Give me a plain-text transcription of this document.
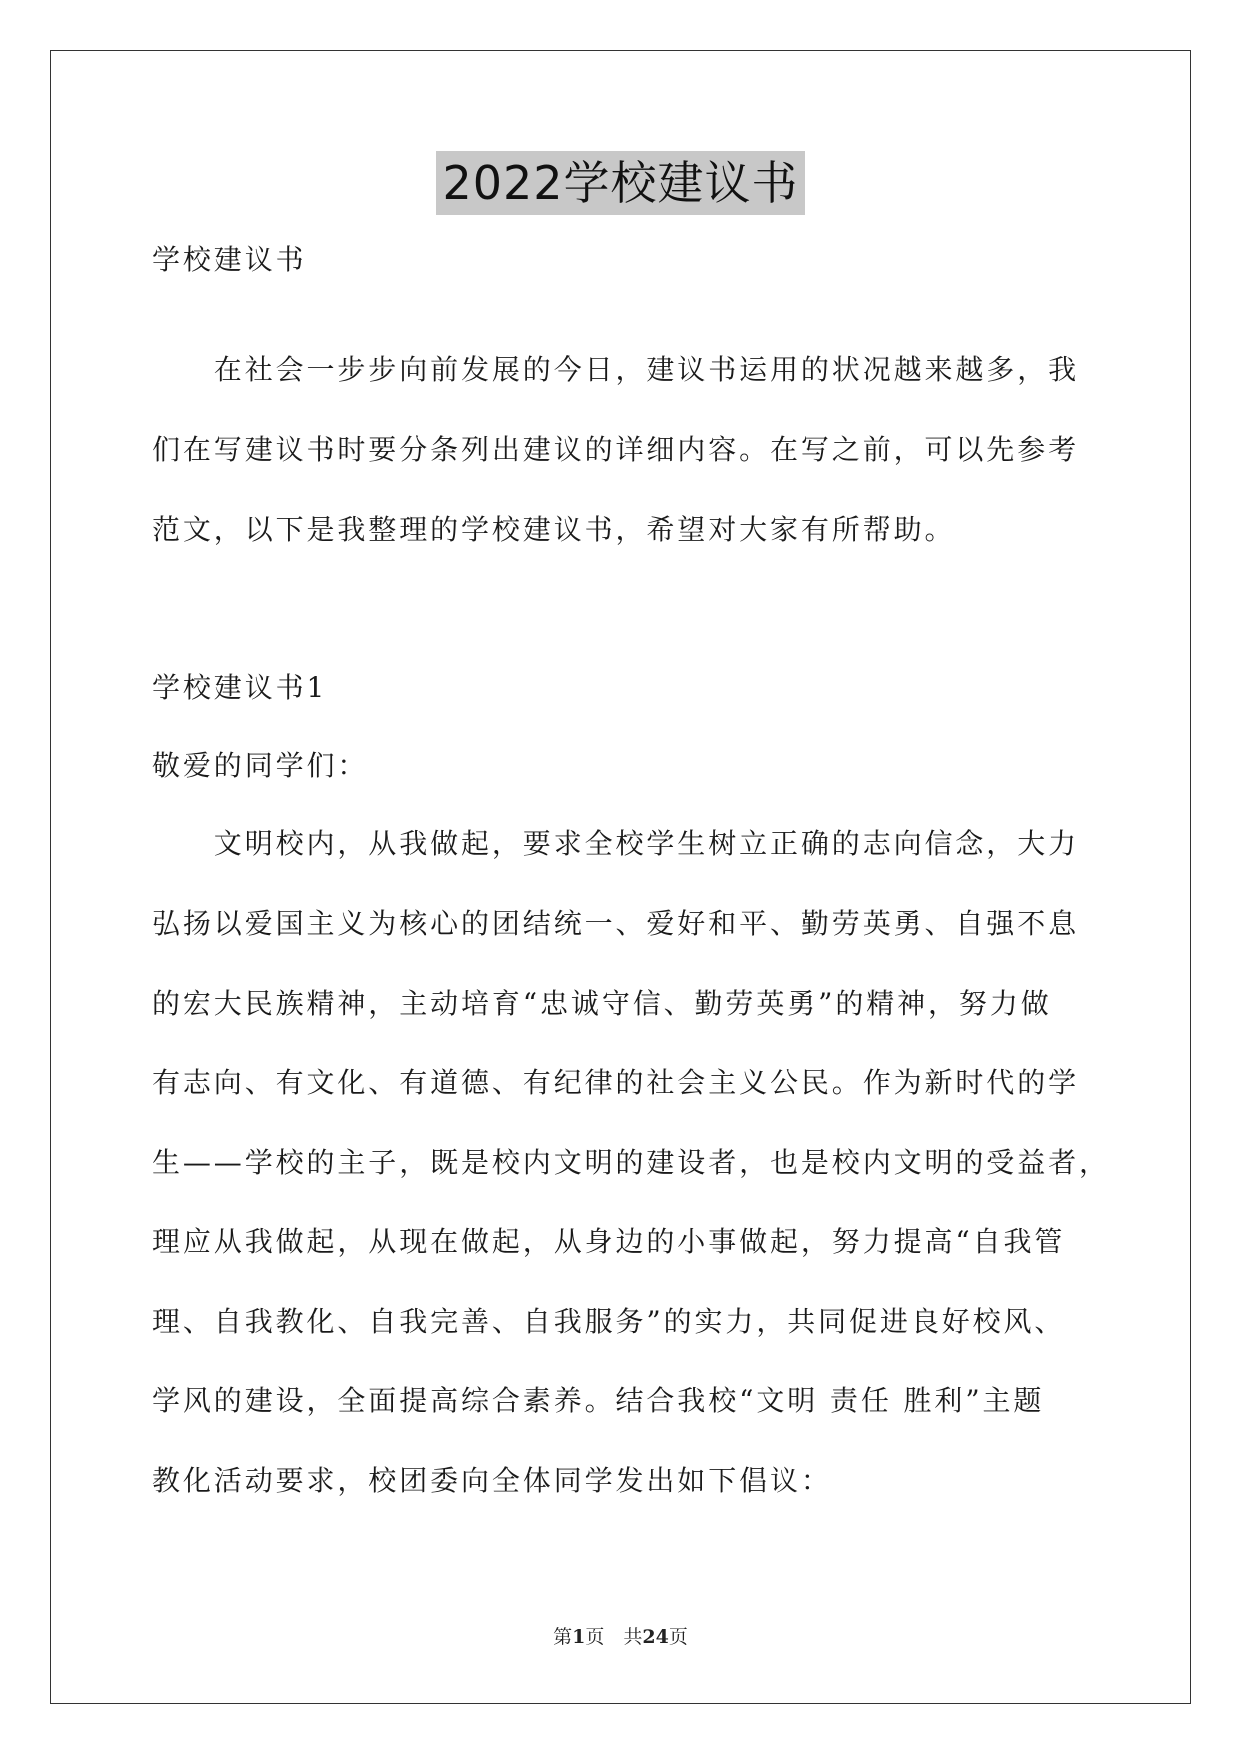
2022学校建议书
学校建议书
　　在社会一步步向前发展的今日，建议书运用的状况越来越多，我
们在写建议书时要分条列出建议的详细内容。在写之前，可以先参考
范文，以下是我整理的学校建议书，希望对大家有所帮助。
学校建议书1
敬爱的同学们：
　　文明校内，从我做起，要求全校学生树立正确的志向信念，大力
弘扬以爱国主义为核心的团结统一、爱好和平、勤劳英勇、自强不息
的宏大民族精神，主动培育“忠诚守信、勤劳英勇”的精神，努力做
有志向、有文化、有道德、有纪律的社会主义公民。作为新时代的学
生——学校的主子，既是校内文明的建设者，也是校内文明的受益者，
理应从我做起，从现在做起，从身边的小事做起，努力提高“自我管
理、自我教化、自我完善、自我服务”的实力，共同促进良好校风、
学风的建设，全面提高综合素养。结合我校“文明 责任 胜利”主题
教化活动要求，校团委向全体同学发出如下倡议：
第1页　共24页
